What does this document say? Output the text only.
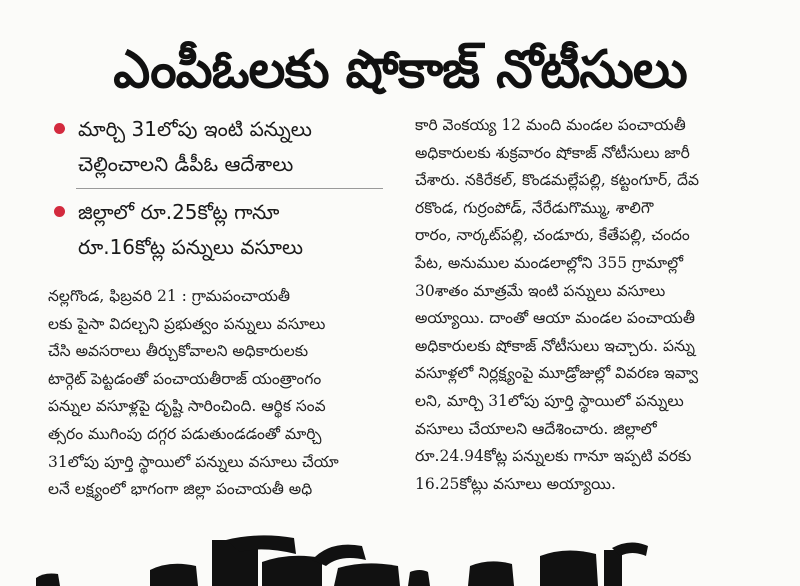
ఎంపీఓలకు షోకాజ్ నోటీసులు
మార్చి 31లోపు ఇంటి పన్నులు
చెల్లించాలని డీపీఓ ఆదేశాలు
జిల్లాలో రూ.25కోట్ల గానూ
రూ.16కోట్ల పన్నులు వసూలు
నల్లగొండ, ఫిబ్రవరి 21 : గ్రామపంచాయతీ
లకు పైసా విదల్చని ప్రభుత్వం పన్నులు వసూలు
చేసి అవసరాలు తీర్చుకోవాలని అధికారులకు
టార్గెట్ పెట్టడంతో పంచాయతీరాజ్ యంత్రాంగం
పన్నుల వసూళ్లపై దృష్టి సారించింది. ఆర్థిక సంవ
త్సరం ముగింపు దగ్గర పడుతుండడంతో మార్చి
31లోపు పూర్తి స్థాయిలో పన్నులు వసూలు చేయా
లనే లక్ష్యంలో భాగంగా జిల్లా పంచాయతీ అధి
కారి వెంకయ్య 12 మంది మండల పంచాయతీ
అధికారులకు శుక్రవారం షోకాజ్ నోటీసులు జారీ
చేశారు. నకిరేకల్, కొండమల్లేపల్లి, కట్టంగూర్, దేవ
రకొండ, గుర్రంపోడ్, నేరేడుగొమ్ము, శాలిగౌ
రారం, నార్కట్‌పల్లి, చండూరు, కేతేపల్లి, చందం
పేట, అనుముల మండలాల్లోని 355 గ్రామాల్లో
30శాతం మాత్రమే ఇంటి పన్నులు వసూలు
అయ్యాయి. దాంతో ఆయా మండల పంచాయతీ
అధికారులకు షోకాజ్ నోటీసులు ఇచ్చారు. పన్ను
వసూళ్లలో నిర్లక్ష్యంపై మూడ్రోజుల్లో వివరణ ఇవ్వా
లని, మార్చి 31లోపు పూర్తి స్థాయిలో పన్నులు
వసూలు చేయాలని ఆదేశించారు. జిల్లాలో
రూ.24.94కోట్ల పన్నులకు గానూ ఇప్పటి వరకు
16.25కోట్లు వసూలు అయ్యాయి.
